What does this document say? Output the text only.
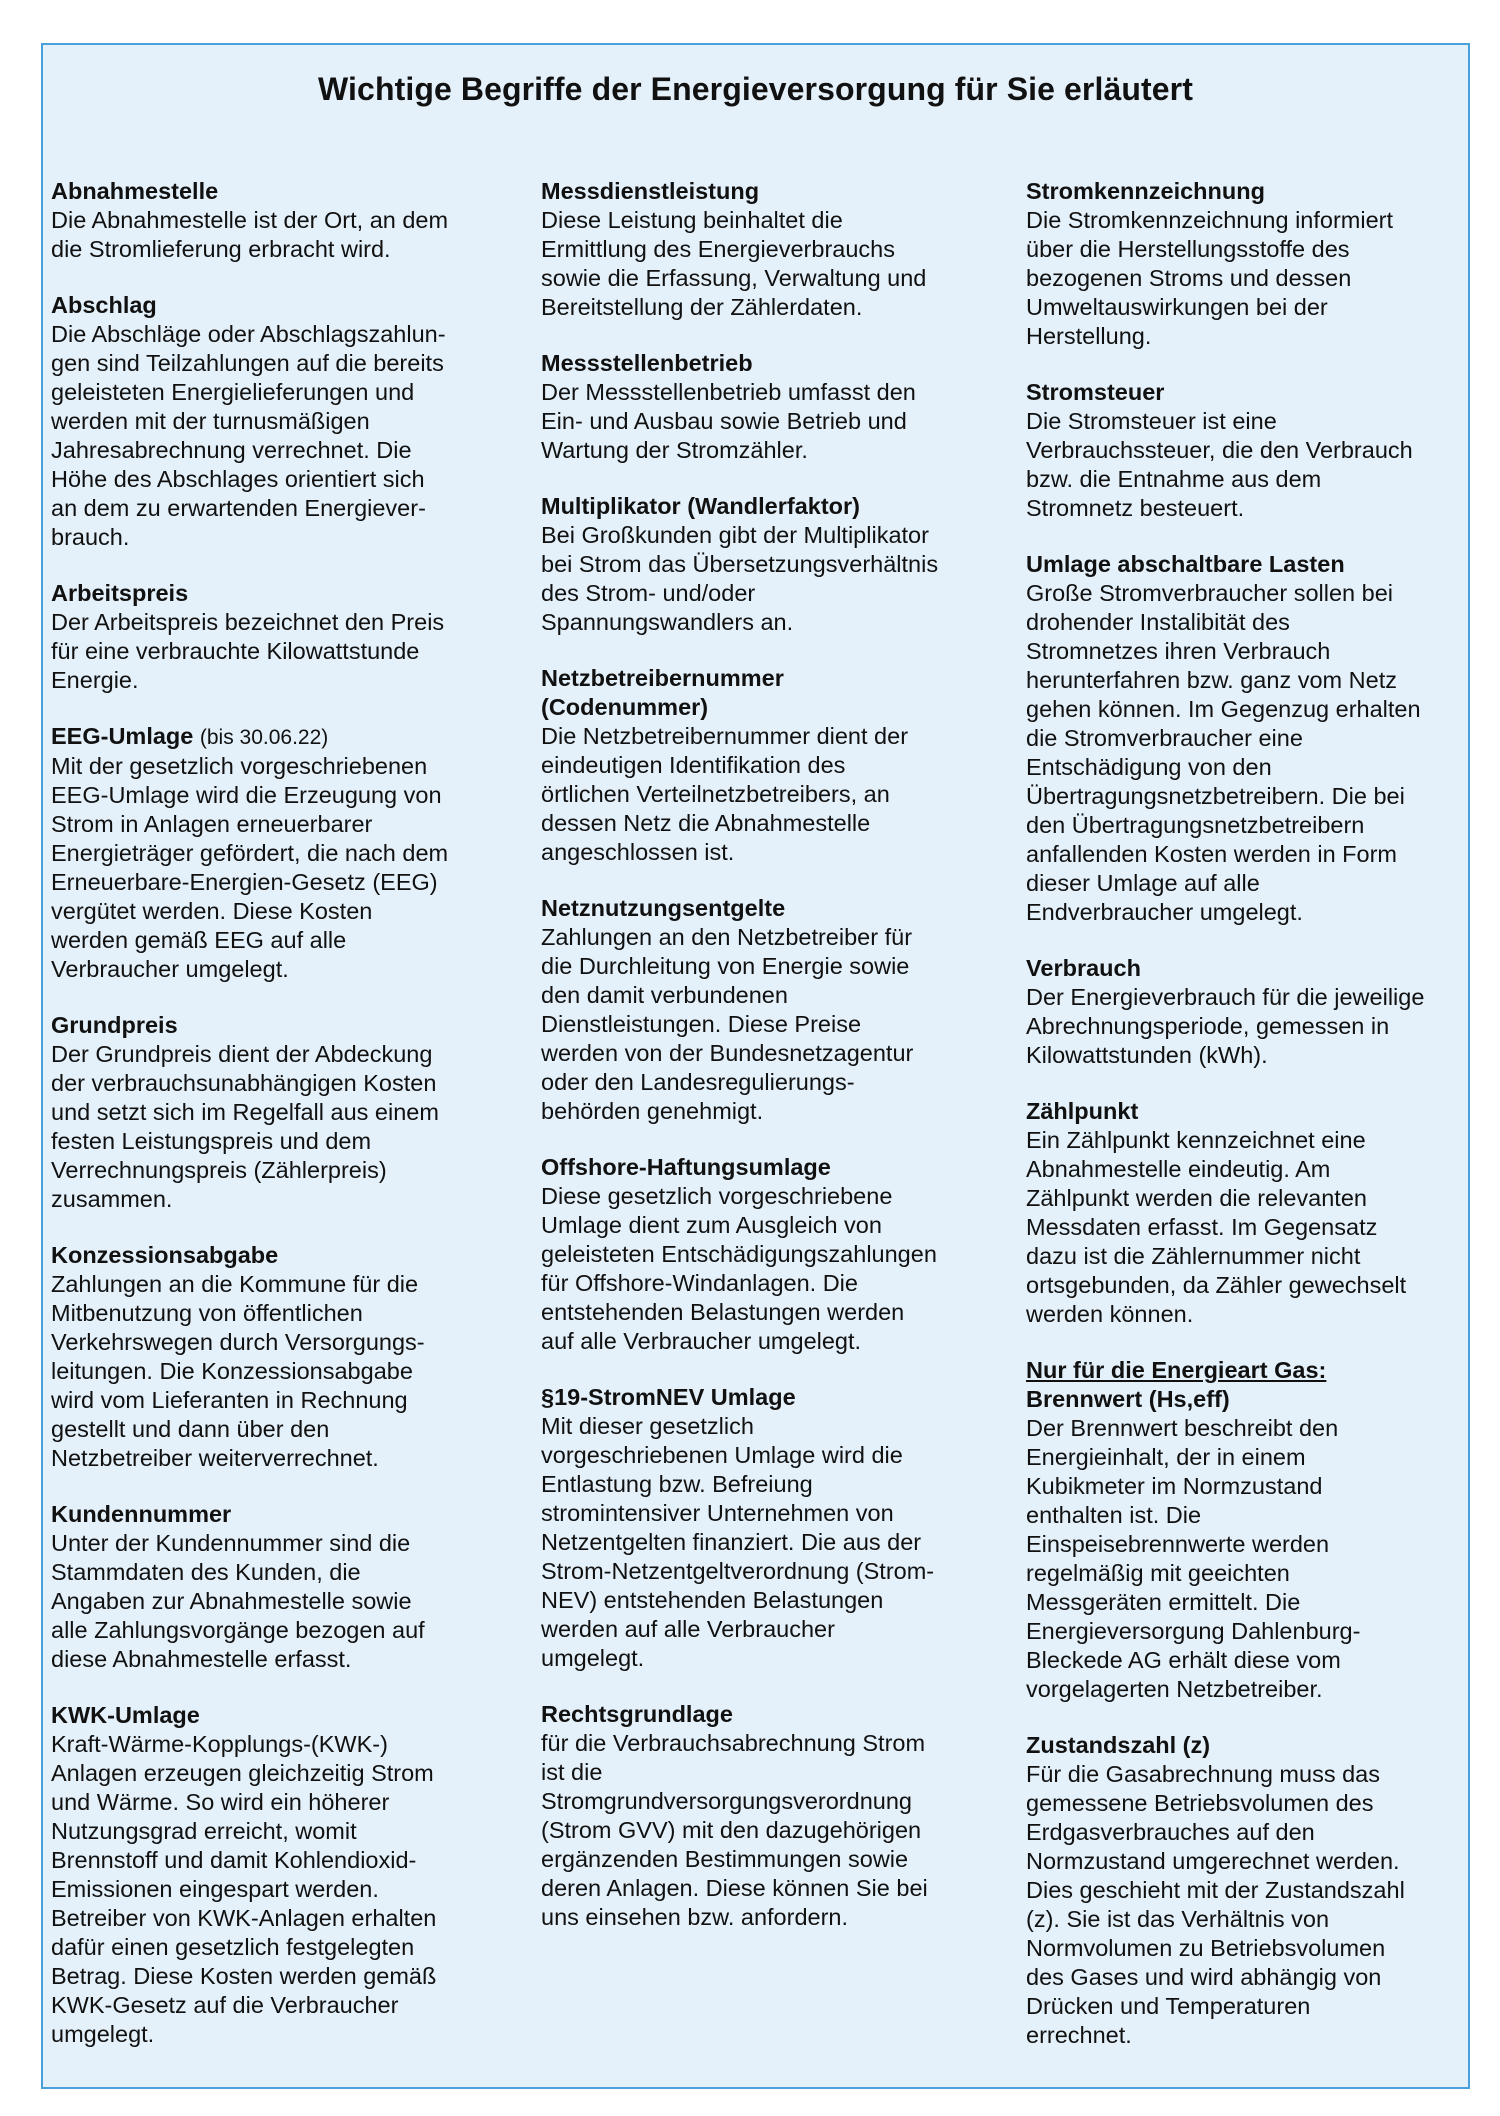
Wichtige Begriffe der Energieversorgung für Sie erläutert

Abnahmestelle

Die Abnahmestelle ist der Ort, an dem
die Stromlieferung erbracht wird.

Abschlag

Die Abschläge oder Abschlagszahlun-
gen sind Teilzahlungen auf die bereits
geleisteten Energielieferungen und
werden mit der turnusmäßigen
Jahresabrechnung verrechnet. Die
Höhe des Abschlages orientiert sich
an dem zu erwartenden Energiever-
brauch.

Arbeitspreis

Der Arbeitspreis bezeichnet den Preis
für eine verbrauchte Kilowattstunde
Energie.

EEG-Umlage (bis 30.06.22)

Mit der gesetzlich vorgeschriebenen
EEG-Umlage wird die Erzeugung von
Strom in Anlagen erneuerbarer
Energieträger gefördert, die nach dem
Erneuerbare-Energien-Gesetz (EEG)
vergütet werden. Diese Kosten
werden gemäß EEG auf alle
Verbraucher umgelegt.

Grundpreis

Der Grundpreis dient der Abdeckung
der verbrauchsunabhängigen Kosten
und setzt sich im Regelfall aus einem
festen Leistungspreis und dem
Verrechnungspreis (Zählerpreis)
zusammen.

Konzessionsabgabe

Zahlungen an die Kommune für die
Mitbenutzung von öffentlichen
Verkehrswegen durch Versorgungs-
leitungen. Die Konzessionsabgabe
wird vom Lieferanten in Rechnung
gestellt und dann über den
Netzbetreiber weiterverrechnet.

Kundennummer

Unter der Kundennummer sind die
Stammdaten des Kunden, die
Angaben zur Abnahmestelle sowie
alle Zahlungsvorgänge bezogen auf
diese Abnahmestelle erfasst.

KWK-Umlage

Kraft-Wärme-Kopplungs-(KWK-)
Anlagen erzeugen gleichzeitig Strom
und Wärme. So wird ein höherer
Nutzungsgrad erreicht, womit
Brennstoff und damit Kohlendioxid-
Emissionen eingespart werden.
Betreiber von KWK-Anlagen erhalten
dafür einen gesetzlich festgelegten
Betrag. Diese Kosten werden gemäß
KWK-Gesetz auf die Verbraucher
umgelegt.

Messdienstleistung

Diese Leistung beinhaltet die
Ermittlung des Energieverbrauchs
sowie die Erfassung, Verwaltung und
Bereitstellung der Zählerdaten.

Messstellenbetrieb

Der Messstellenbetrieb umfasst den
Ein- und Ausbau sowie Betrieb und
Wartung der Stromzähler.

Multiplikator (Wandlerfaktor)

Bei Großkunden gibt der Multiplikator
bei Strom das Übersetzungsverhältnis
des Strom- und/oder
Spannungswandlers an.

Netzbetreibernummer
(Codenummer)

Die Netzbetreibernummer dient der
eindeutigen Identifikation des
örtlichen Verteilnetzbetreibers, an
dessen Netz die Abnahmestelle
angeschlossen ist.

Netznutzungsentgelte

Zahlungen an den Netzbetreiber für
die Durchleitung von Energie sowie
den damit verbundenen
Dienstleistungen. Diese Preise
werden von der Bundesnetzagentur
oder den Landesregulierungs-
behörden genehmigt.

Offshore-Haftungsumlage

Diese gesetzlich vorgeschriebene
Umlage dient zum Ausgleich von
geleisteten Entschädigungszahlungen
für Offshore-Windanlagen. Die
entstehenden Belastungen werden
auf alle Verbraucher umgelegt.

§19-StromNEV Umlage

Mit dieser gesetzlich
vorgeschriebenen Umlage wird die
Entlastung bzw. Befreiung
stromintensiver Unternehmen von
Netzentgelten finanziert. Die aus der
Strom-Netzentgeltverordnung (Strom-
NEV) entstehenden Belastungen
werden auf alle Verbraucher
umgelegt.

Rechtsgrundlage

für die Verbrauchsabrechnung Strom
ist die
Stromgrundversorgungsverordnung
(Strom GVV) mit den dazugehörigen
ergänzenden Bestimmungen sowie
deren Anlagen. Diese können Sie bei
uns einsehen bzw. anfordern.

Stromkennzeichnung

Die Stromkennzeichnung informiert
über die Herstellungsstoffe des
bezogenen Stroms und dessen
Umweltauswirkungen bei der
Herstellung.

Stromsteuer

Die Stromsteuer ist eine
Verbrauchssteuer, die den Verbrauch
bzw. die Entnahme aus dem
Stromnetz besteuert.

Umlage abschaltbare Lasten

Große Stromverbraucher sollen bei
drohender Instalibität des
Stromnetzes ihren Verbrauch
herunterfahren bzw. ganz vom Netz
gehen können. Im Gegenzug erhalten
die Stromverbraucher eine
Entschädigung von den
Übertragungsnetzbetreibern. Die bei
den Übertragungsnetzbetreibern
anfallenden Kosten werden in Form
dieser Umlage auf alle
Endverbraucher umgelegt.

Verbrauch

Der Energieverbrauch für die jeweilige
Abrechnungsperiode, gemessen in
Kilowattstunden (kWh).

Zählpunkt

Ein Zählpunkt kennzeichnet eine
Abnahmestelle eindeutig. Am
Zählpunkt werden die relevanten
Messdaten erfasst. Im Gegensatz
dazu ist die Zählernummer nicht
ortsgebunden, da Zähler gewechselt
werden können.

Nur für die Energieart Gas:

Brennwert (Hs,eff)

Der Brennwert beschreibt den
Energieinhalt, der in einem
Kubikmeter im Normzustand
enthalten ist. Die
Einspeisebrennwerte werden
regelmäßig mit geeichten
Messgeräten ermittelt. Die
Energieversorgung Dahlenburg-
Bleckede AG erhält diese vom
vorgelagerten Netzbetreiber.

Zustandszahl (z)

Für die Gasabrechnung muss das
gemessene Betriebsvolumen des
Erdgasverbrauches auf den
Normzustand umgerechnet werden.
Dies geschieht mit der Zustandszahl
(z). Sie ist das Verhältnis von
Normvolumen zu Betriebsvolumen
des Gases und wird abhängig von
Drücken und Temperaturen
errechnet.
